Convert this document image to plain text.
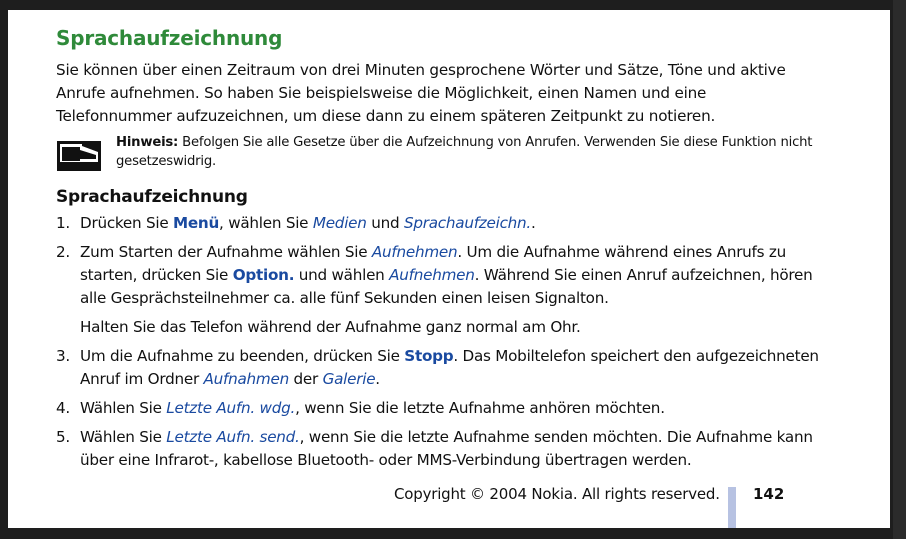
Sprachaufzeichnung
Sie können über einen Zeitraum von drei Minuten gesprochene Wörter und Sätze, Töne und aktive Anrufe aufnehmen. So haben Sie beispielsweise die Möglichkeit, einen Namen und eine Telefonnummer aufzuzeichnen, um diese dann zu einem späteren Zeitpunkt zu notieren.
Hinweis: Befolgen Sie alle Gesetze über die Aufzeichnung von Anrufen. Verwenden Sie diese Funktion nicht gesetzeswidrig.
Sprachaufzeichnung
1. Drücken Sie Menü, wählen Sie Medien und Sprachaufzeichn..

2. Zum Starten der Aufnahme wählen Sie Aufnehmen. Um die Aufnahme während eines Anrufs zu starten, drücken Sie Option. und wählen Aufnehmen. Während Sie einen Anruf aufzeichnen, hören alle Gesprächsteilnehmer ca. alle fünf Sekunden einen leisen Signalton.

Halten Sie das Telefon während der Aufnahme ganz normal am Ohr.

3. Um die Aufnahme zu beenden, drücken Sie Stopp. Das Mobiltelefon speichert den aufgezeichneten Anruf im Ordner Aufnahmen der Galerie.

4. Wählen Sie Letzte Aufn. wdg., wenn Sie die letzte Aufnahme anhören möchten.

5. Wählen Sie Letzte Aufn. send., wenn Sie die letzte Aufnahme senden möchten. Die Aufnahme kann über eine Infrarot-, kabellose Bluetooth- oder MMS-Verbindung übertragen werden.

Copyright © 2004 Nokia. All rights reserved. 142
